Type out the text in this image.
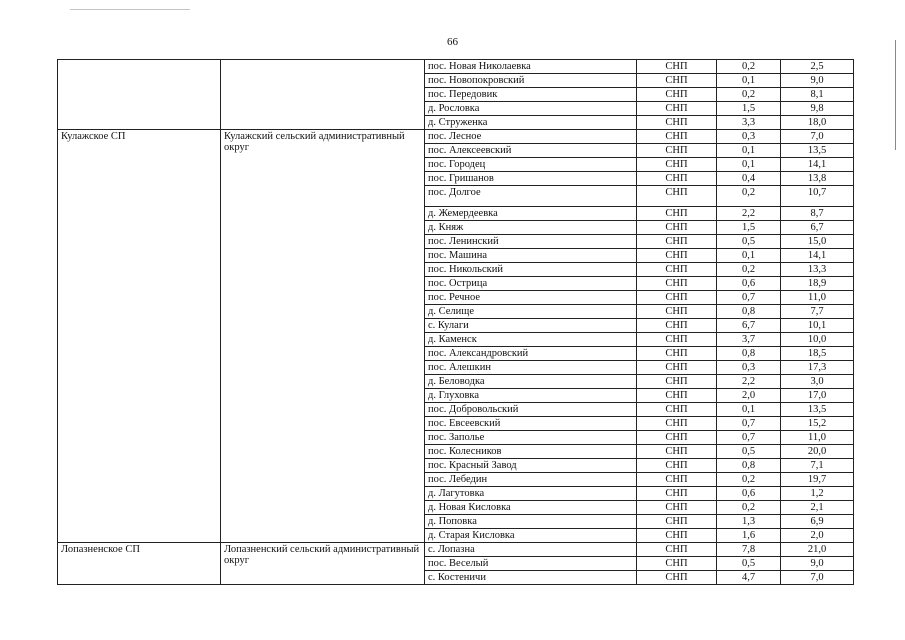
66
		пос. Новая Николаевка	СНП	0,2	2,5
		пос. Новопокровский	СНП	0,1	9,0
		пос. Передовик	СНП	0,2	8,1
		д. Рословка	СНП	1,5	9,8
		д. Струженка	СНП	3,3	18,0
Кулажское СП	Кулажский сельский административный округ	пос. Лесное	СНП	0,3	7,0
		пос. Алексеевский	СНП	0,1	13,5
		пос. Городец	СНП	0,1	14,1
		пос. Гришанов	СНП	0,4	13,8
		пос. Долгое	СНП	0,2	10,7
		д. Жемердеевка	СНП	2,2	8,7
		д. Княж	СНП	1,5	6,7
		пос. Ленинский	СНП	0,5	15,0
		пос. Машина	СНП	0,1	14,1
		пос. Никольский	СНП	0,2	13,3
		пос. Острица	СНП	0,6	18,9
		пос. Речное	СНП	0,7	11,0
		д. Селище	СНП	0,8	7,7
		с. Кулаги	СНП	6,7	10,1
		д. Каменск	СНП	3,7	10,0
		пос. Александровский	СНП	0,8	18,5
		пос. Алешкин	СНП	0,3	17,3
		д. Беловодка	СНП	2,2	3,0
		д. Глуховка	СНП	2,0	17,0
		пос. Добровольский	СНП	0,1	13,5
		пос. Евсеевский	СНП	0,7	15,2
		пос. Заполье	СНП	0,7	11,0
		пос. Колесников	СНП	0,5	20,0
		пос. Красный Завод	СНП	0,8	7,1
		пос. Лебедин	СНП	0,2	19,7
		д. Лагутовка	СНП	0,6	1,2
		д. Новая Кисловка	СНП	0,2	2,1
		д. Поповка	СНП	1,3	6,9
		д. Старая Кисловка	СНП	1,6	2,0
Лопазненское СП	Лопазненский сельский административный округ	с. Лопазна	СНП	7,8	21,0
		пос. Веселый	СНП	0,5	9,0
		с. Костеничи	СНП	4,7	7,0
